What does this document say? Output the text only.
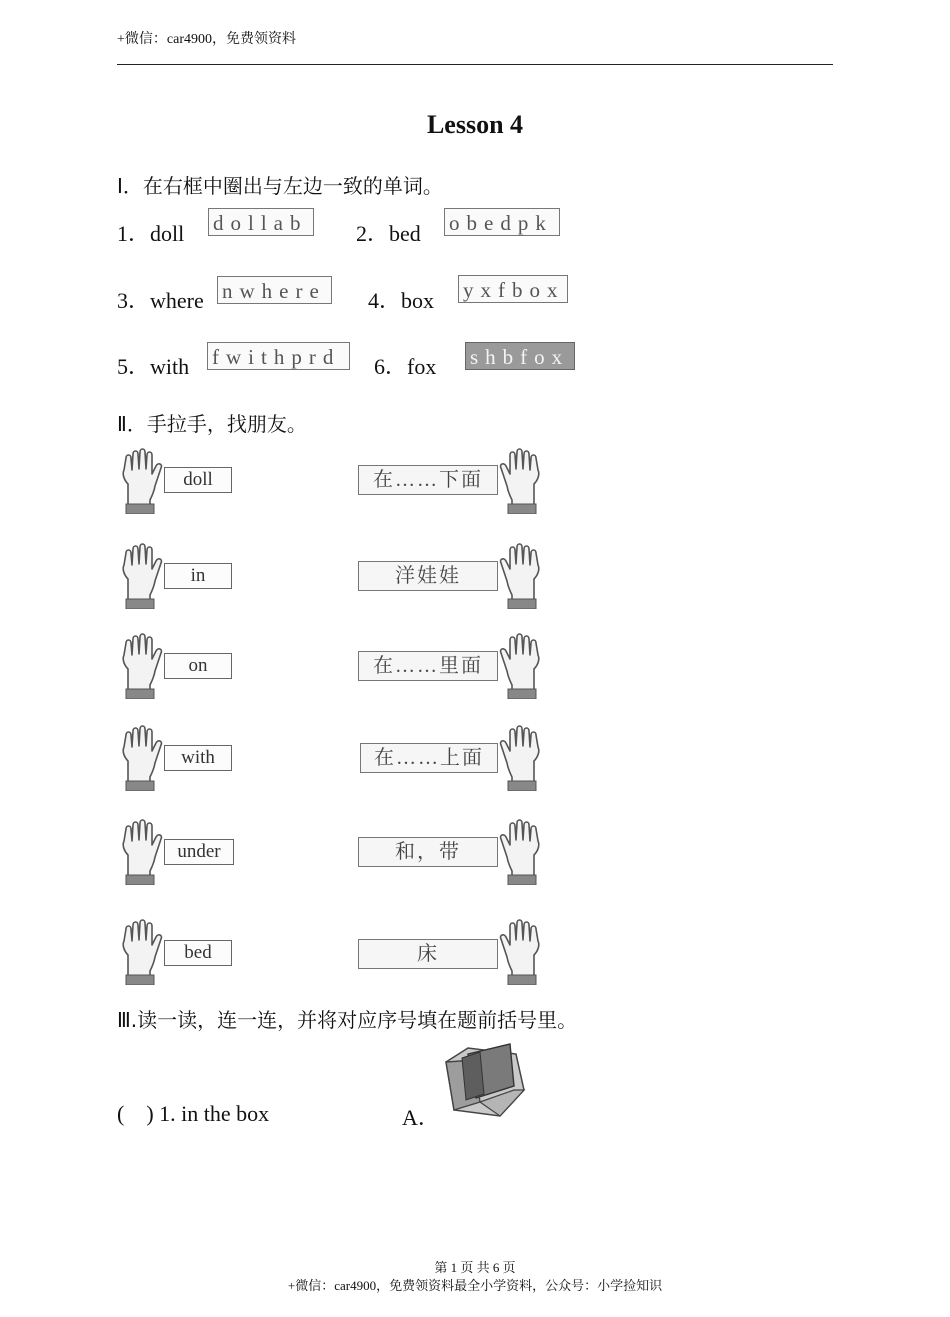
+微信：car4900，免费领资料
Lesson 4
I．在右框中圈出与左边一致的单词。
1．doll dollab 2．bed obedpk
3．where nwhere 4．box yxfbox
5．with fwithprd	6．fox shbfox
Ⅱ．手拉手，找朋友。
doll	在……下面
in	洋娃娃
on	在……里面
with	在……上面
under	和，带
bed	床
Ⅲ.读一读，连一连，并将对应序号填在题前括号里。
(    ) 1. in the box	A．
第 1 页 共 6 页
+微信：car4900，免费领资料最全小学资料，公众号：小学捡知识
